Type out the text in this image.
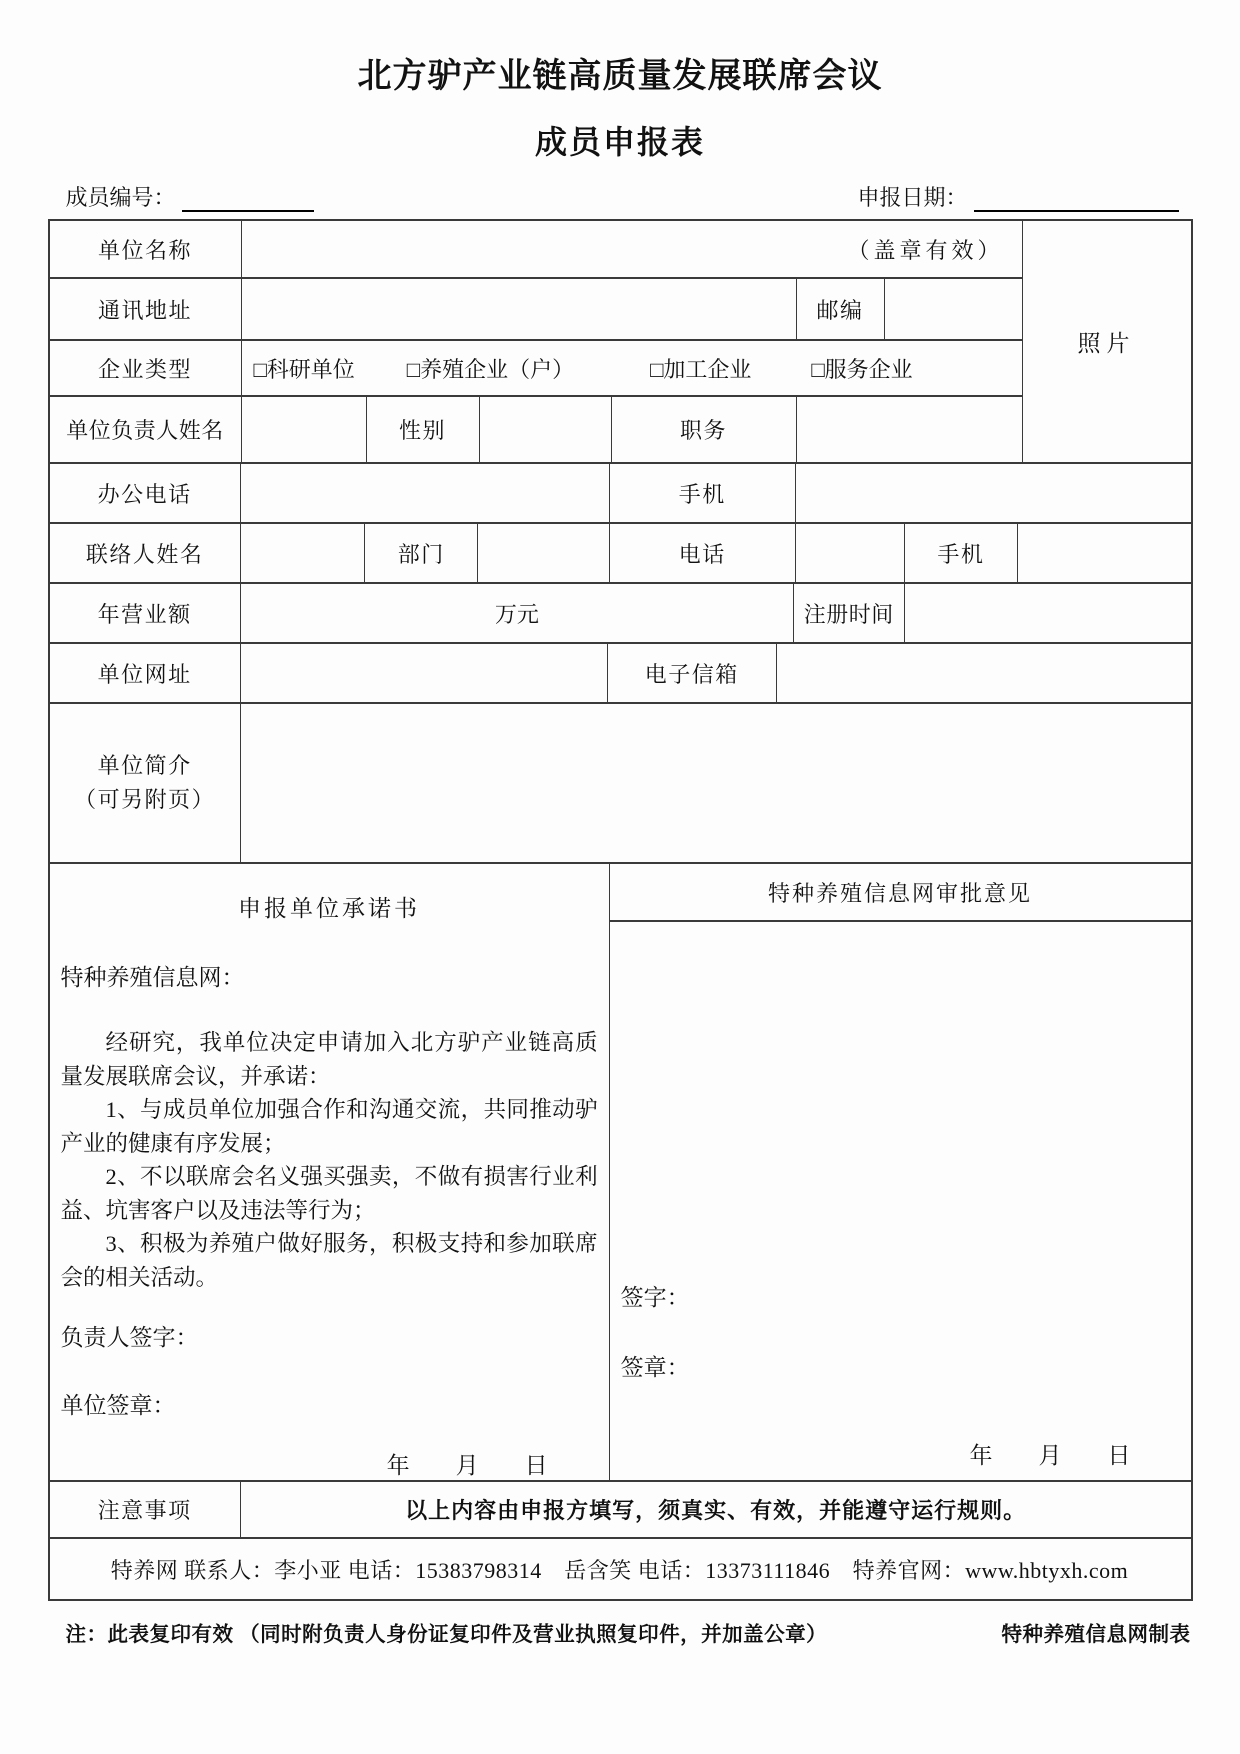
北方驴产业链高质量发展联席会议
成员申报表
成员编号：	申报日期：
单位名称	（盖章有效）
通讯地址	邮编
企业类型	□科研单位 □养殖企业（户）	□加工企业	□服务企业
单位负责人姓名	性别	职务
照片
办公电话	手机
联络人姓名	部门	电话	手机
年营业额	万元	注册时间
单位网址	电子信箱
单位简介
（可另附页）
申报单位承诺书
特种养殖信息网：

经研究，我单位决定申请加入北方驴产业链高质量发展联席会议，并承诺：

1、与成员单位加强合作和沟通交流，共同推动驴产业的健康有序发展；

2、不以联席会名义强买强卖，不做有损害行业利益、坑害客户以及违法等行为；

3、积极为养殖户做好服务，积极支持和参加联席会的相关活动。

负责人签字：
单位签章：
年　　月　　日
特种养殖信息网审批意见
签字：
签章：
年　　月　　日
注意事项	以上内容由申报方填写，须真实、有效，并能遵守运行规则。
特养网 联系人：李小亚 电话：15383798314　岳含笑 电话：13373111846　特养官网：www.hbtyxh.com
注：此表复印有效 （同时附负责人身份证复印件及营业执照复印件，并加盖公章）	特种养殖信息网制表
